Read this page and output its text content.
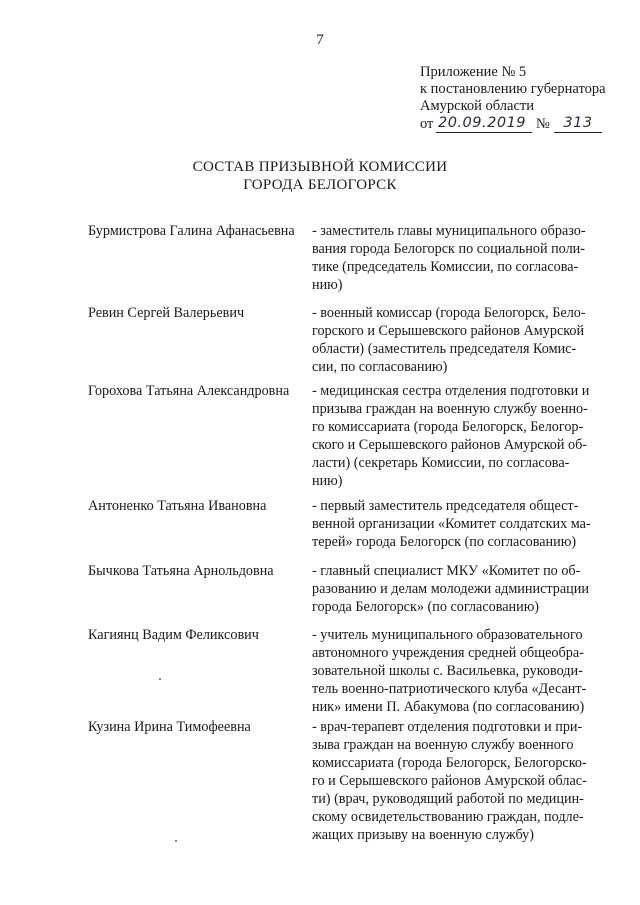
7
Приложение № 5
к постановлению губернатора
Амурской области
от 20.09.2019 № 313
СОСТАВ ПРИЗЫВНОЙ КОМИССИИ
ГОРОДА БЕЛОГОРСК
Бурмистрова Галина Афанасьевна	- заместитель главы муниципального образо-
вания города Белогорск по социальной поли-
тике (председатель Комиссии, по согласова-
нию)
Ревин Сергей Валерьевич	- военный комиссар (города Белогорск, Бело-
горского и Серышевского районов Амурской
области) (заместитель председателя Комис-
сии, по согласованию)
Горохова Татьяна Александровна	- медицинская сестра отделения подготовки и
призыва граждан на военную службу военно-
го комиссариата (города Белогорск, Белогор-
ского и Серышевского районов Амурской об-
ласти) (секретарь Комиссии, по согласова-
нию)
Антоненко Татьяна Ивановна	- первый заместитель председателя общест-
венной организации «Комитет солдатских ма-
терей» города Белогорск (по согласованию)
Бычкова Татьяна Арнольдовна	- главный специалист МКУ «Комитет по об-
разованию и делам молодежи администрации
города Белогорск» (по согласованию)
Кагиянц Вадим Феликсович	- учитель муниципального образовательного
автономного учреждения средней общеобра-
зовательной школы с. Васильевка, руководи-
тель военно-патриотического клуба «Десант-
ник» имени П. Абакумова (по согласованию)
Кузина Ирина Тимофеевна	- врач-терапевт отделения подготовки и при-
зыва граждан на военную службу военного
комиссариата (города Белогорск, Белогорско-
го и Серышевского районов Амурской облас-
ти) (врач, руководящий работой по медицин-
скому освидетельствованию граждан, подле-
жащих призыву на военную службу)
